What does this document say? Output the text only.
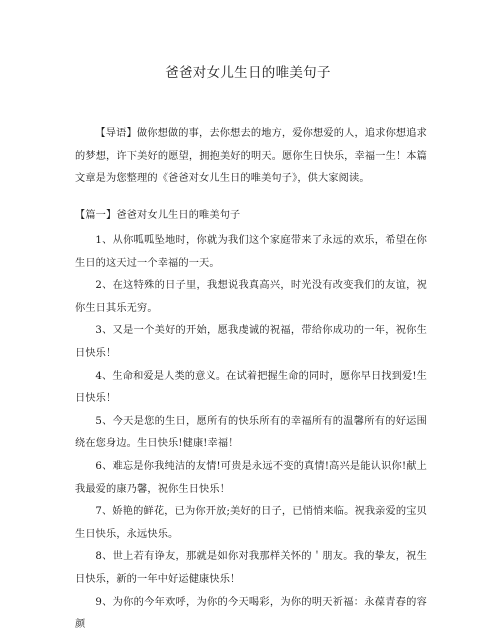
爸爸对女儿生日的唯美句子
【导语】做你想做的事，去你想去的地方，爱你想爱的人，追求你想追求的梦想，许下美好的愿望，拥抱美好的明天。愿你生日快乐，幸福一生！本篇文章是为您整理的《爸爸对女儿生日的唯美句子》，供大家阅读。
【篇一】爸爸对女儿生日的唯美句子

1、从你呱呱坠地时，你就为我们这个家庭带来了永远的欢乐，希望在你生日的这天过一个幸福的一天。

2、在这特殊的日子里，我想说我真高兴，时光没有改变我们的友谊，祝你生日其乐无穷。

3、又是一个美好的开始，愿我虔诚的祝福，带给你成功的一年，祝你生日快乐！

4、生命和爱是人类的意义。在试着把握生命的同时，愿你早日找到爱!生日快乐！

5、今天是您的生日，愿所有的快乐所有的幸福所有的温馨所有的好运围绕在您身边。生日快乐!健康!幸福！

6、难忘是你我纯洁的友情!可贵是永远不变的真情!高兴是能认识你!献上我最爱的康乃馨，祝你生日快乐！

7、娇艳的鲜花，已为你开放;美好的日子，已悄悄来临。祝我亲爱的宝贝生日快乐，永远快乐。

8、世上若有诤友，那就是如你对我那样关怀的＇朋友。我的挚友，祝生日快乐，新的一年中好运健康快乐！

9、为你的今年欢呼，为你的今天喝彩，为你的明天祈福：永葆青春的容颜
